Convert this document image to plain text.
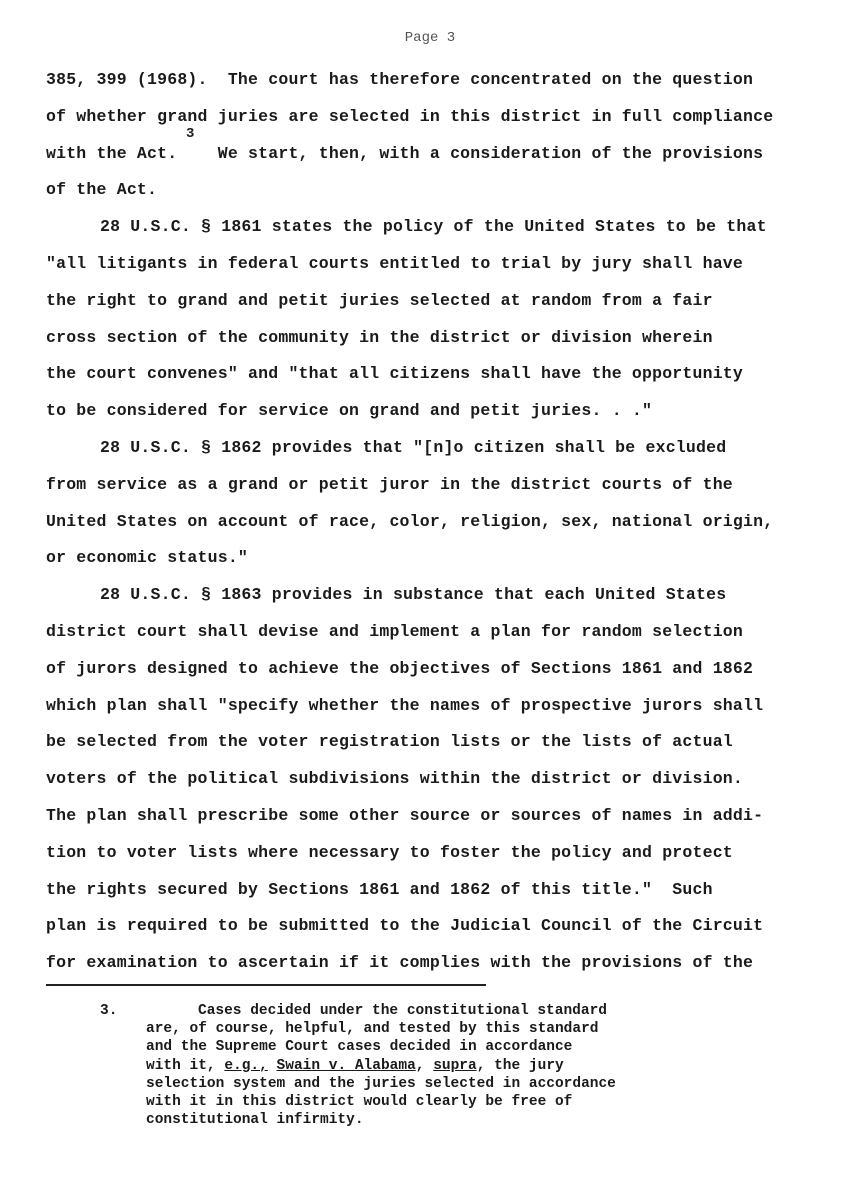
Page 3
3
385, 399 (1968).  The court has therefore concentrated on the question
of whether grand juries are selected in this district in full compliance
with the Act.    We start, then, with a consideration of the provisions
of the Act.
28 U.S.C. § 1861 states the policy of the United States to be that
"all litigants in federal courts entitled to trial by jury shall have
the right to grand and petit juries selected at random from a fair
cross section of the community in the district or division wherein
the court convenes" and "that all citizens shall have the opportunity
to be considered for service on grand and petit juries. . ."
28 U.S.C. § 1862 provides that "[n]o citizen shall be excluded
from service as a grand or petit juror in the district courts of the
United States on account of race, color, religion, sex, national origin,
or economic status."
28 U.S.C. § 1863 provides in substance that each United States
district court shall devise and implement a plan for random selection
of jurors designed to achieve the objectives of Sections 1861 and 1862
which plan shall "specify whether the names of prospective jurors shall
be selected from the voter registration lists or the lists of actual
voters of the political subdivisions within the district or division.
The plan shall prescribe some other source or sources of names in addi-
tion to voter lists where necessary to foster the policy and protect
the rights secured by Sections 1861 and 1862 of this title."  Such
plan is required to be submitted to the Judicial Council of the Circuit
for examination to ascertain if it complies with the provisions of the
3.	Cases decided under the constitutional standard
are, of course, helpful, and tested by this standard
and the Supreme Court cases decided in accordance
with it, e.g., Swain v. Alabama, supra, the jury
selection system and the juries selected in accordance
with it in this district would clearly be free of
constitutional infirmity.
